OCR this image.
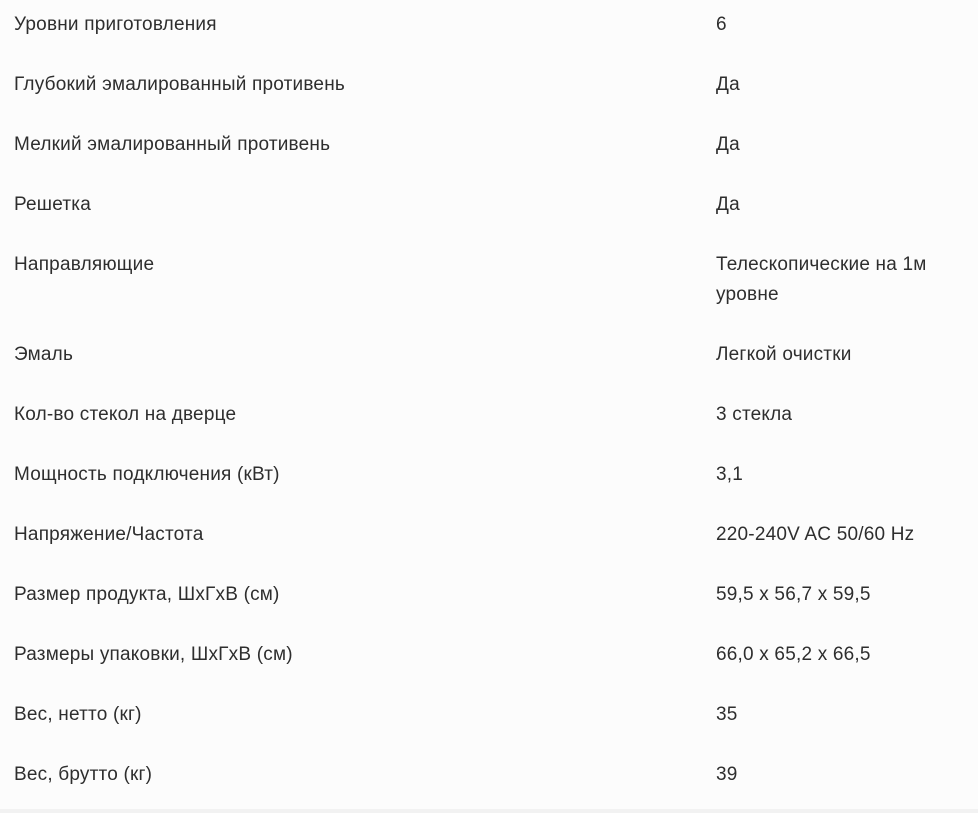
Уровни приготовления	6
Глубокий эмалированный противень	Да
Мелкий эмалированный противень	Да
Решетка	Да
Направляющие	Телескопические на 1м уровне
Эмаль	Легкой очистки
Кол-во стекол на дверце	3 стекла
Мощность подключения (кВт)	3,1
Напряжение/Частота	220-240V AC 50/60 Hz
Размер продукта, ШхГхВ (см)	59,5 x 56,7 x 59,5
Размеры упаковки, ШхГхВ (см)	66,0 x 65,2 x 66,5
Вес, нетто (кг)	35
Вес, брутто (кг)	39
